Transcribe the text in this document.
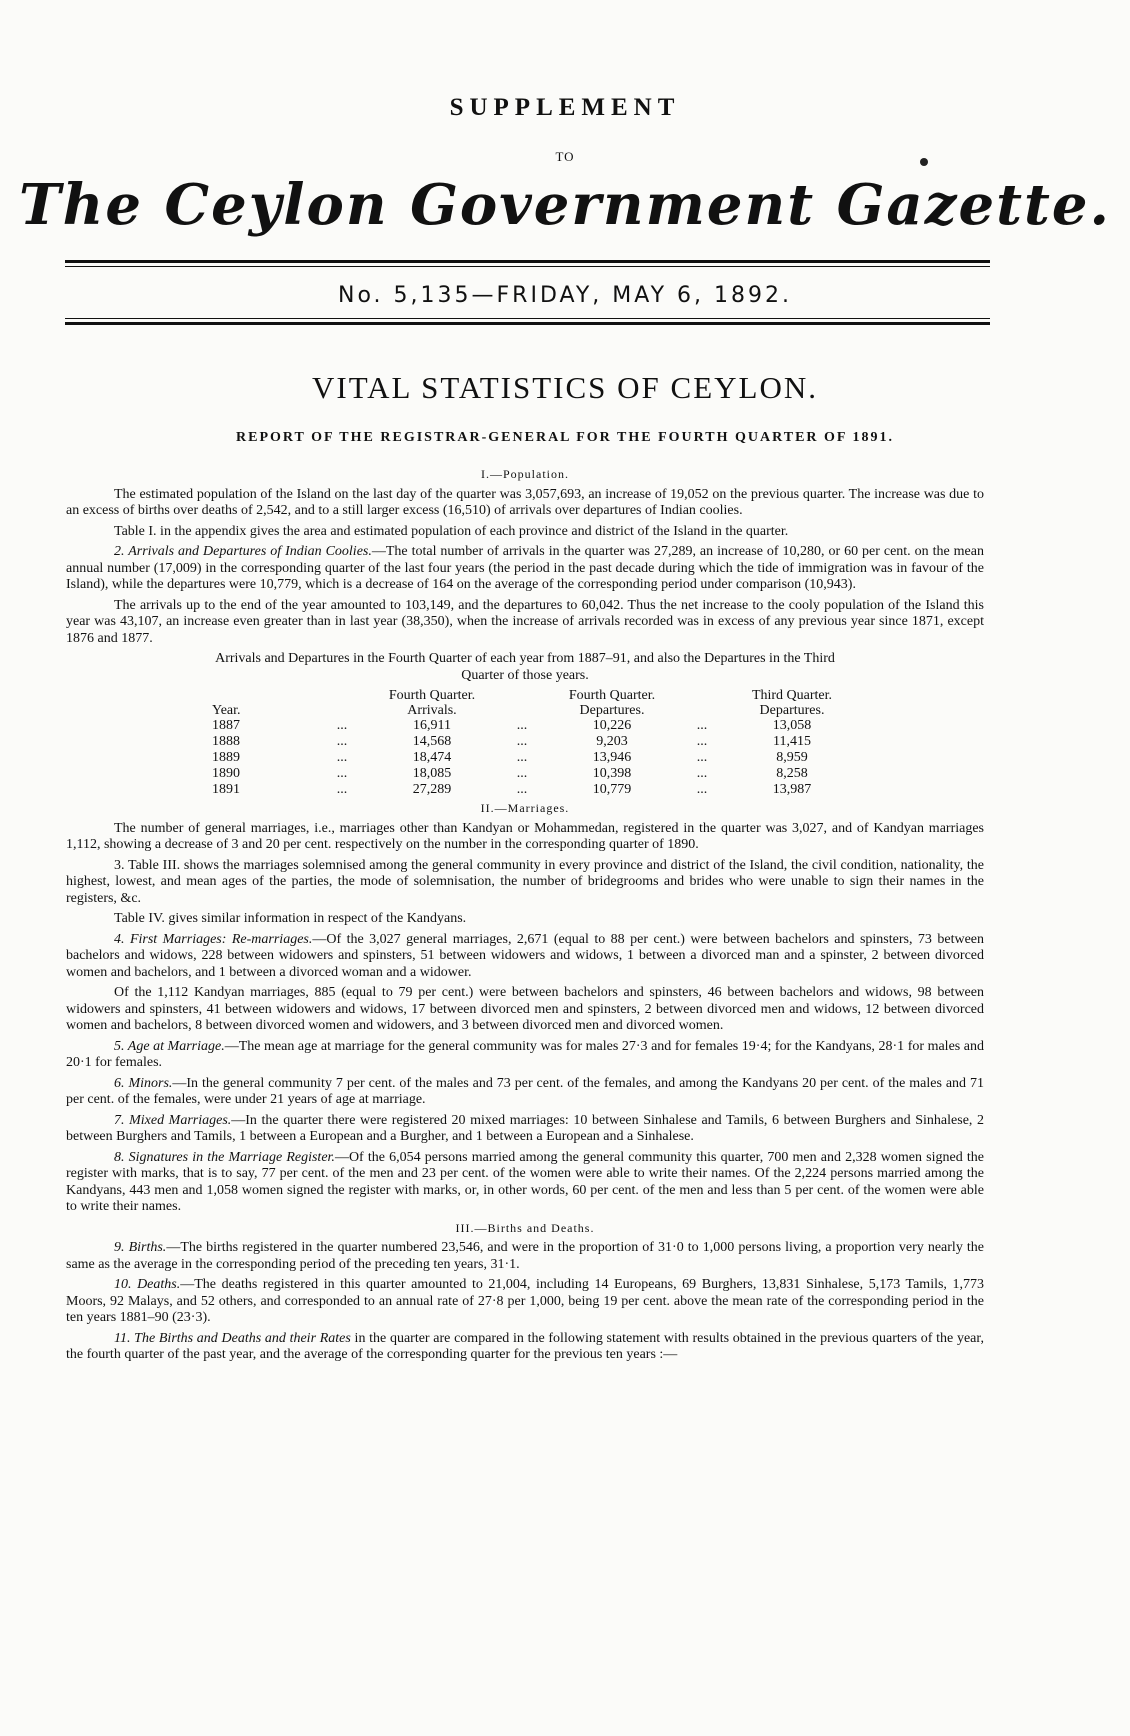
SUPPLEMENT
TO
The Ceylon Government Gazette.
No. 5,135—FRIDAY, MAY 6, 1892.
VITAL STATISTICS OF CEYLON.
REPORT OF THE REGISTRAR-GENERAL FOR THE FOURTH QUARTER OF 1891.
I.—Population.

The estimated population of the Island on the last day of the quarter was 3,057,693, an increase of 19,052 on the previous quarter. The increase was due to an excess of births over deaths of 2,542, and to a still larger excess (16,510) of arrivals over departures of Indian coolies.

Table I. in the appendix gives the area and estimated population of each province and district of the Island in the quarter.

2. Arrivals and Departures of Indian Coolies.—The total number of arrivals in the quarter was 27,289, an increase of 10,280, or 60 per cent. on the mean annual number (17,009) in the corresponding quarter of the last four years (the period in the past decade during which the tide of immigration was in favour of the Island), while the departures were 10,779, which is a decrease of 164 on the average of the corresponding period under comparison (10,943).

The arrivals up to the end of the year amounted to 103,149, and the departures to 60,042. Thus the net increase to the cooly population of the Island this year was 43,107, an increase even greater than in last year (38,350), when the increase of arrivals recorded was in excess of any previous year since 1871, except 1876 and 1877.

Arrivals and Departures in the Fourth Quarter of each year from 1887–91, and also the Departures in the Third
Quarter of those years.
Year.		Fourth Quarter.		Fourth Quarter.		Third Quarter.
		Arrivals.		Departures.		Departures.
1887	...	16,911	...	10,226	...	13,058
1888	...	14,568	...	9,203	...	11,415
1889	...	18,474	...	13,946	...	8,959
1890	...	18,085	...	10,398	...	8,258
1891	...	27,289	...	10,779	...	13,987
II.—Marriages.

The number of general marriages, i.e., marriages other than Kandyan or Mohammedan, registered in the quarter was 3,027, and of Kandyan marriages 1,112, showing a decrease of 3 and 20 per cent. respectively on the number in the corresponding quarter of 1890.

3. Table III. shows the marriages solemnised among the general community in every province and district of the Island, the civil condition, nationality, the highest, lowest, and mean ages of the parties, the mode of solemnisation, the number of bridegrooms and brides who were unable to sign their names in the registers, &c.

Table IV. gives similar information in respect of the Kandyans.

4. First Marriages: Re-marriages.—Of the 3,027 general marriages, 2,671 (equal to 88 per cent.) were between bachelors and spinsters, 73 between bachelors and widows, 228 between widowers and spinsters, 51 between widowers and widows, 1 between a divorced man and a spinster, 2 between divorced women and bachelors, and 1 between a divorced woman and a widower.

Of the 1,112 Kandyan marriages, 885 (equal to 79 per cent.) were between bachelors and spinsters, 46 between bachelors and widows, 98 between widowers and spinsters, 41 between widowers and widows, 17 between divorced men and spinsters, 2 between divorced men and widows, 12 between divorced women and bachelors, 8 between divorced women and widowers, and 3 between divorced men and divorced women.

5. Age at Marriage.—The mean age at marriage for the general community was for males 27·3 and for females 19·4; for the Kandyans, 28·1 for males and 20·1 for females.

6. Minors.—In the general community 7 per cent. of the males and 73 per cent. of the females, and among the Kandyans 20 per cent. of the males and 71 per cent. of the females, were under 21 years of age at marriage.

7. Mixed Marriages.—In the quarter there were registered 20 mixed marriages: 10 between Sinhalese and Tamils, 6 between Burghers and Sinhalese, 2 between Burghers and Tamils, 1 between a European and a Burgher, and 1 between a European and a Sinhalese.

8. Signatures in the Marriage Register.—Of the 6,054 persons married among the general community this quarter, 700 men and 2,328 women signed the register with marks, that is to say, 77 per cent. of the men and 23 per cent. of the women were able to write their names. Of the 2,224 persons married among the Kandyans, 443 men and 1,058 women signed the register with marks, or, in other words, 60 per cent. of the men and less than 5 per cent. of the women were able to write their names.

III.—Births and Deaths.

9. Births.—The births registered in the quarter numbered 23,546, and were in the proportion of 31·0 to 1,000 persons living, a proportion very nearly the same as the average in the corresponding period of the preceding ten years, 31·1.

10. Deaths.—The deaths registered in this quarter amounted to 21,004, including 14 Europeans, 69 Burghers, 13,831 Sinhalese, 5,173 Tamils, 1,773 Moors, 92 Malays, and 52 others, and corresponded to an annual rate of 27·8 per 1,000, being 19 per cent. above the mean rate of the corresponding period in the ten years 1881–90 (23·3).

11. The Births and Deaths and their Rates in the quarter are compared in the following statement with results obtained in the previous quarters of the year, the fourth quarter of the past year, and the average of the corresponding quarter for the previous ten years :—
